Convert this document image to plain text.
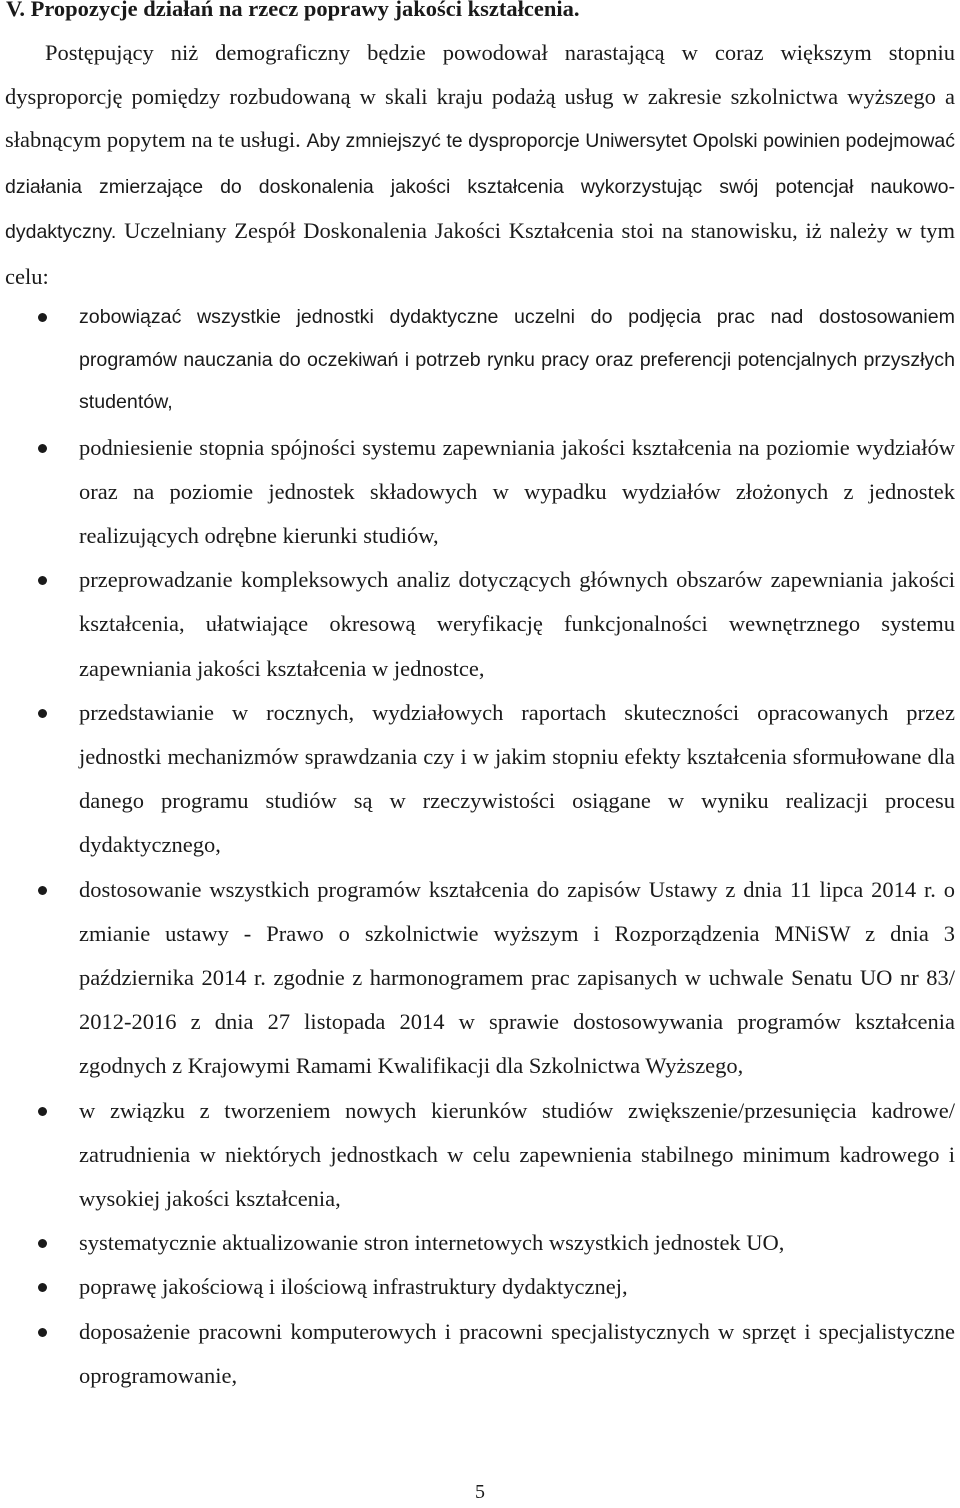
V. Propozycje działań na rzecz poprawy jakości kształcenia.

Postępujący niż demograficzny będzie powodował narastającą w coraz większym stopniu dysproporcję pomiędzy rozbudowaną w skali kraju podażą usług w zakresie szkolnictwa wyższego a słabnącym popytem na te usługi. Aby zmniejszyć te dysproporcje Uniwersytet Opolski powinien podejmować działania zmierzające do doskonalenia jakości kształcenia wykorzystując swój potencjał naukowo-dydaktyczny. Uczelniany Zespół Doskonalenia Jakości Kształcenia stoi na stanowisku, iż należy w tym celu:

zobowiązać wszystkie jednostki dydaktyczne uczelni do podjęcia prac nad dostosowaniem programów nauczania do oczekiwań i potrzeb rynku pracy oraz preferencji potencjalnych przyszłych studentów,
podniesienie stopnia spójności systemu zapewniania jakości kształcenia na poziomie wydziałów oraz na poziomie jednostek składowych w wypadku wydziałów złożonych z jednostek realizujących odrębne kierunki studiów,
przeprowadzanie kompleksowych analiz dotyczących głównych obszarów zapewniania jakości kształcenia, ułatwiające okresową weryfikację funkcjonalności wewnętrznego systemu zapewniania jakości kształcenia w jednostce,
przedstawianie w rocznych, wydziałowych raportach skuteczności opracowanych przez jednostki mechanizmów sprawdzania czy i w jakim stopniu efekty kształcenia sformułowane dla danego programu studiów są w rzeczywistości osiągane w wyniku realizacji procesu dydaktycznego,
dostosowanie wszystkich programów kształcenia do zapisów Ustawy z dnia 11 lipca 2014 r. o zmianie ustawy - Prawo o szkolnictwie wyższym i Rozporządzenia MNiSW z dnia 3 października 2014 r. zgodnie z harmonogramem prac zapisanych w uchwale Senatu UO nr 83/ 2012-2016 z dnia 27 listopada 2014 w sprawie dostosowywania programów kształcenia zgodnych z Krajowymi Ramami Kwalifikacji dla Szkolnictwa Wyższego,
w związku z tworzeniem nowych kierunków studiów zwiększenie/przesunięcia kadrowe/ zatrudnienia w niektórych jednostkach w celu zapewnienia stabilnego minimum kadrowego i wysokiej jakości kształcenia,
systematycznie aktualizowanie stron internetowych wszystkich jednostek UO,
poprawę jakościową i ilościową infrastruktury dydaktycznej,
doposażenie pracowni komputerowych i pracowni specjalistycznych w sprzęt i specjalistyczne oprogramowanie,
5
